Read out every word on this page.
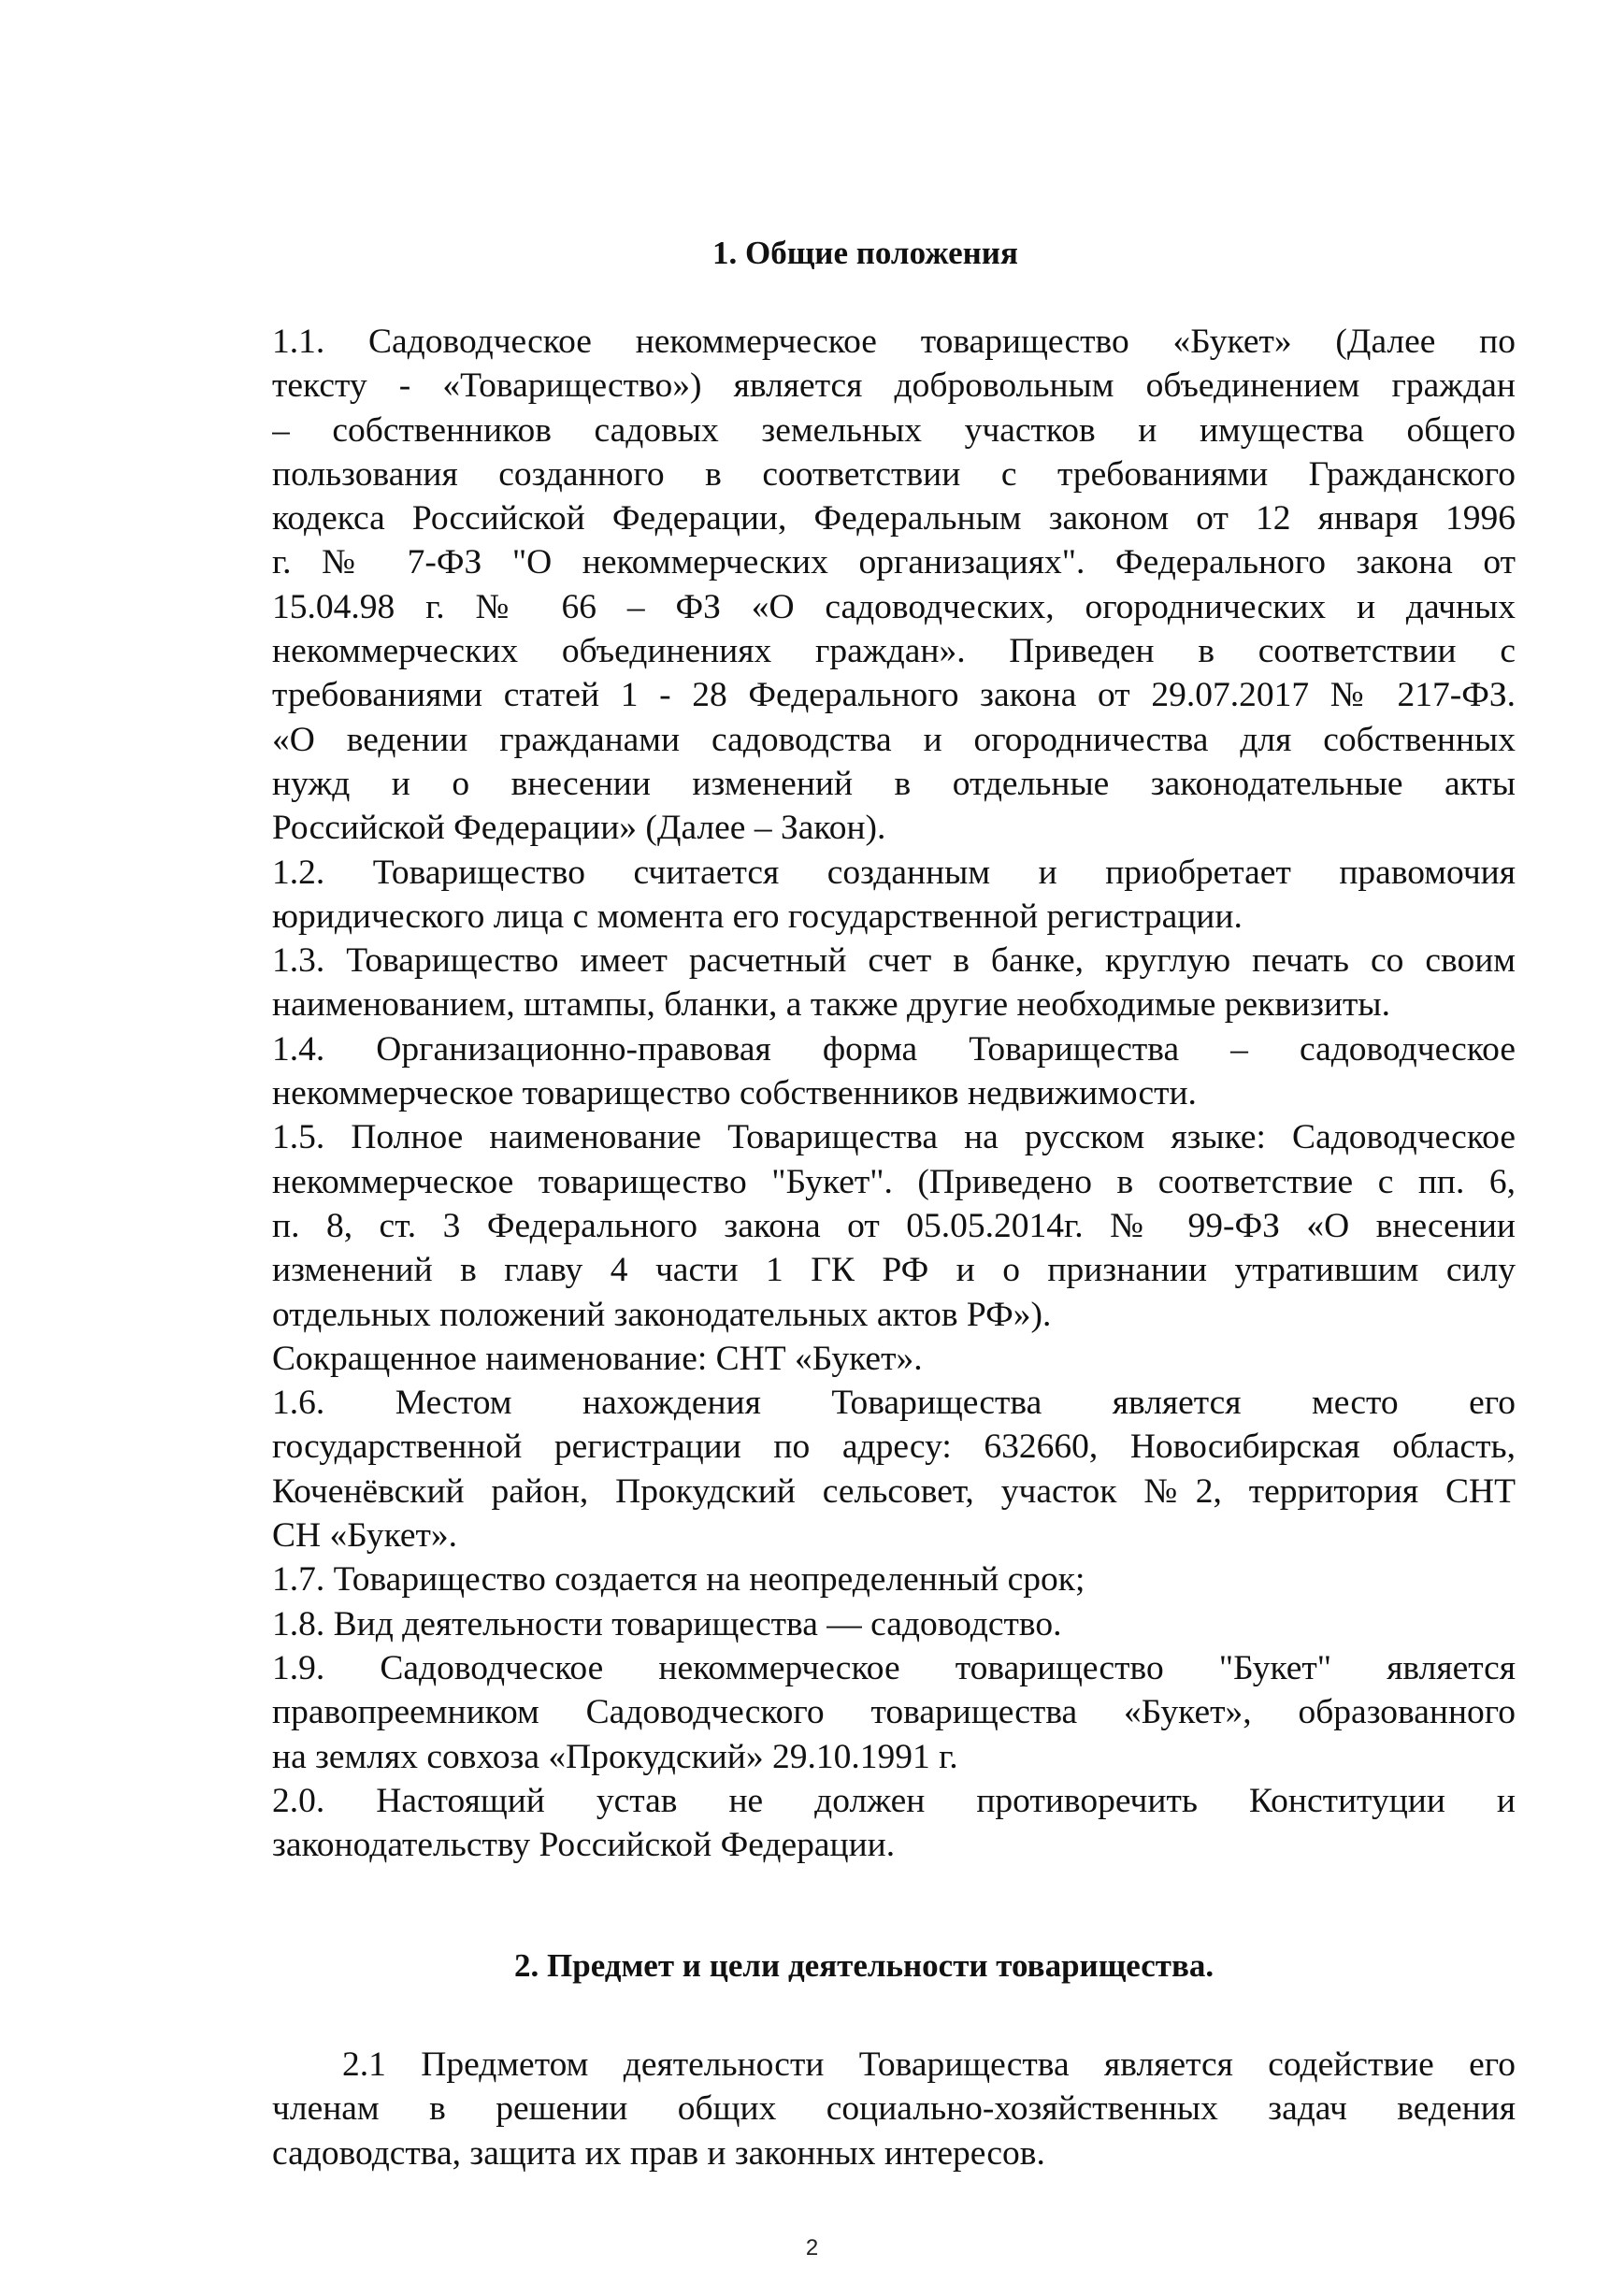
1. Общие положения
1.1. Садоводческое некоммерческое товарищество «Букет» (Далее по
тексту - «Товарищество») является добровольным объединением граждан
– собственников садовых земельных участков и имущества общего
пользования созданного в соответствии с требованиями Гражданского
кодекса Российской Федерации, Федеральным законом от 12 января 1996
г. № 7-ФЗ "О некоммерческих организациях". Федерального закона от
15.04.98 г. № 66 – ФЗ «О садоводческих, огороднических и дачных
некоммерческих объединениях граждан». Приведен в соответствии с
требованиями статей 1 - 28 Федерального закона от 29.07.2017 № 217-ФЗ.
«О ведении гражданами садоводства и огородничества для собственных
нужд и о внесении изменений в отдельные законодательные акты
Российской Федерации» (Далее – Закон).
1.2. Товарищество считается созданным и приобретает правомочия
юридического лица с момента его государственной регистрации.
1.3. Товарищество имеет расчетный счет в банке, круглую печать со своим
наименованием, штампы, бланки, а также другие необходимые реквизиты.
1.4. Организационно-правовая форма Товарищества – садоводческое
некоммерческое товарищество собственников недвижимости.
1.5. Полное наименование Товарищества на русском языке: Садоводческое
некоммерческое товарищество "Букет". (Приведено в соответствие с пп. 6,
п. 8, ст. 3 Федерального закона от 05.05.2014г. № 99-ФЗ «О внесении
изменений в главу 4 части 1 ГК РФ и о признании утратившим силу
отдельных положений законодательных актов РФ»).
Сокращенное наименование: СНТ «Букет».
1.6. Местом нахождения Товарищества является место его
государственной регистрации по адресу: 632660, Новосибирская область,
Коченёвский район, Прокудский сельсовет, участок №2, территория СНТ
СН «Букет».
1.7. Товарищество создается на неопределенный срок;
1.8. Вид деятельности товарищества — садоводство.
1.9. Садоводческое некоммерческое товарищество "Букет" является
правопреемником Садоводческого товарищества «Букет», образованного
на землях совхоза «Прокудский» 29.10.1991 г.
2.0. Настоящий устав не должен противоречить Конституции и
законодательству Российской Федерации.
2. Предмет и цели деятельности товарищества.
2.1 Предметом деятельности Товарищества является содействие его
членам в решении общих социально-хозяйственных задач ведения
садоводства, защита их прав и законных интересов.
2
